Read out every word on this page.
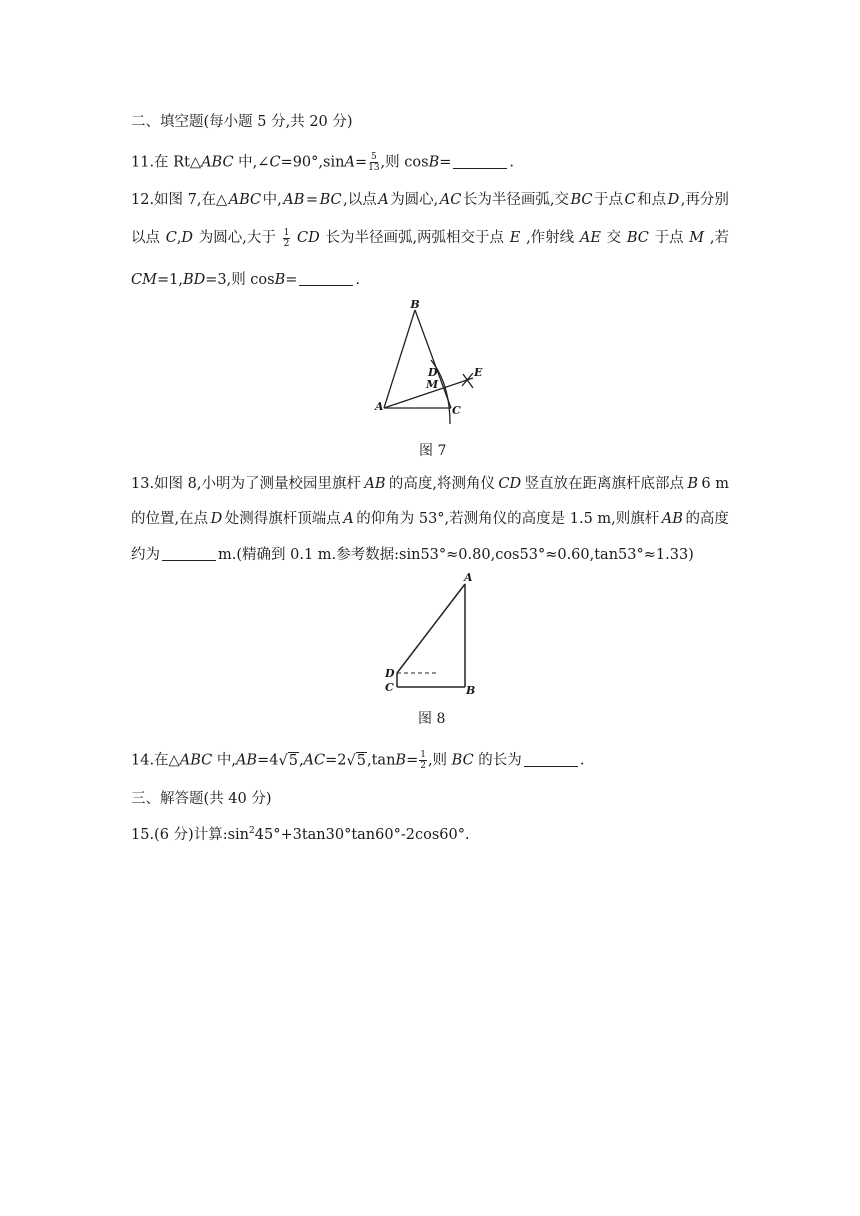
二、填空题(每小题 5 分,共 20 分)
11.在 Rt△ABC 中,∠C=90°,sinA= $\frac{5}{13}$ ,则 cosB=	.
12.如图 7,在△ ABC 中, AB = BC ,以点 A 为圆心, AC 长为半径画弧,交 BC 于点 C 和点 D ,再分别
以点 C,D 为圆心,大于 $\frac{1}{2}$ CD 长为半径画弧,两弧相交于点 E ,作射线 AE 交 BC 于点 M ,若
CM=1,BD=3,则 cosB=	.
B
D
M
E
A	C
图 7
13.如图 8,小明为了测量校园里旗杆 AB 的高度,将测角仪 CD 竖直放在距离旗杆底部点 B 6 m
的位置,在点 D 处测得旗杆顶端点 A 的仰角为 53°,若测角仪的高度是 1.5 m,则旗杆 AB 的高度
约为	m.(精确到 0.1 m.参考数据:sin53°≈0.80,cos53°≈0.60,tan53°≈1.33)
A
D
C	B
图 8
14.在△ABC 中$,AB=4√5,AC=2√5,\tan B= \frac{1}{2}$ ,则 BC 的长为	.
三、解答题(共 40 分)
15.(6 分)计算$:\sin^245^\circ+3\tan 30^\circ\tan 60^\circ-2\cos 60^\circ$.
